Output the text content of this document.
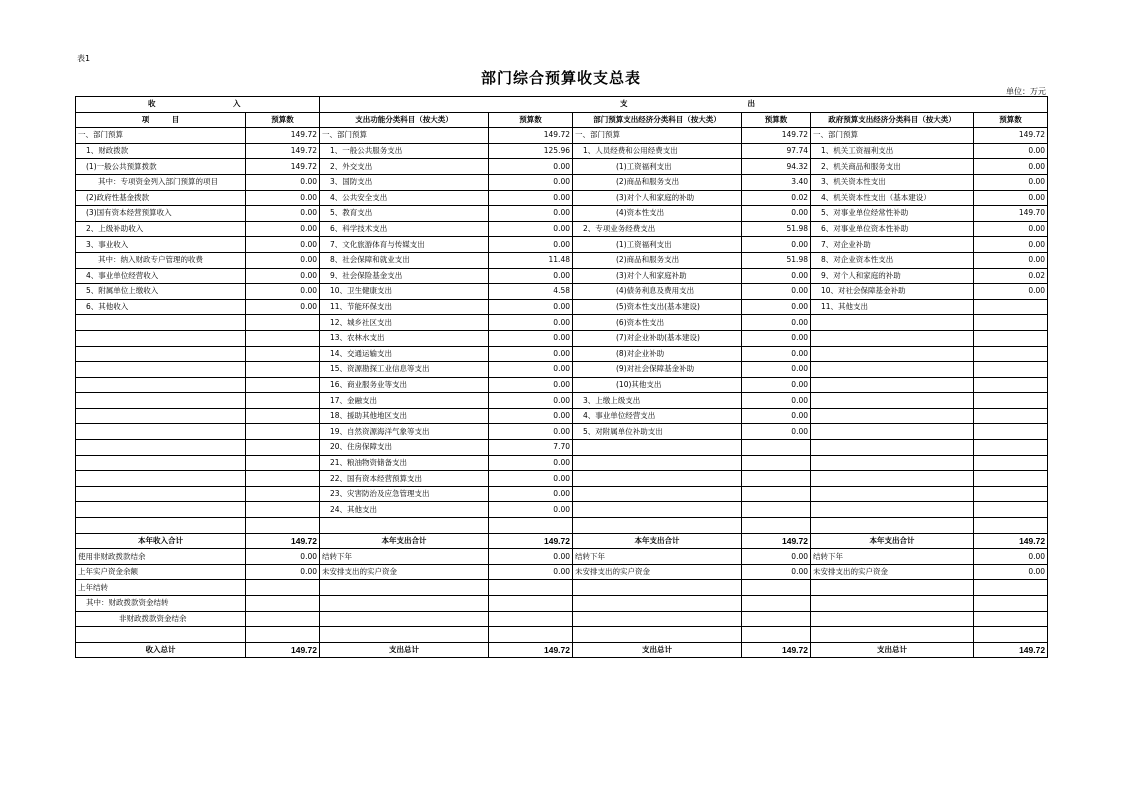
表1
部门综合预算收支总表
单位：万元
收　　　　　　　　　入		支　　　　　　　　　　　　　　出					
项　　　目	预算数	支出功能分类科目（按大类）	预算数	部门预算支出经济分类科目（按大类）	预算数	政府预算支出经济分类科目（按大类）	预算数
一、部门预算	149.72	一、部门预算	149.72	一、部门预算	149.72	一、部门预算	149.72
1、财政拨款	149.72	1、一般公共服务支出	125.96	1、人员经费和公用经费支出	97.74	1、机关工资福利支出	0.00
(1)一般公共预算拨款	149.72	2、外交支出	0.00	(1)工资福利支出	94.32	2、机关商品和服务支出	0.00
其中：专项资金列入部门预算的项目	0.00	3、国防支出	0.00	(2)商品和服务支出	3.40	3、机关资本性支出	0.00
(2)政府性基金拨款	0.00	4、公共安全支出	0.00	(3)对个人和家庭的补助	0.02	4、机关资本性支出（基本建设）	0.00
(3)国有资本经营预算收入	0.00	5、教育支出	0.00	(4)资本性支出	0.00	5、对事业单位经常性补助	149.70
2、上级补助收入	0.00	6、科学技术支出	0.00	2、专项业务经费支出	51.98	6、对事业单位资本性补助	0.00
3、事业收入	0.00	7、文化旅游体育与传媒支出	0.00	(1)工资福利支出	0.00	7、对企业补助	0.00
其中：纳入财政专户管理的收费	0.00	8、社会保障和就业支出	11.48	(2)商品和服务支出	51.98	8、对企业资本性支出	0.00
4、事业单位经营收入	0.00	9、社会保险基金支出	0.00	(3)对个人和家庭补助	0.00	9、对个人和家庭的补助	0.02
5、附属单位上缴收入	0.00	10、卫生健康支出	4.58	(4)债务利息及费用支出	0.00	10、对社会保障基金补助	0.00
6、其他收入	0.00	11、节能环保支出	0.00	(5)资本性支出(基本建设)	0.00	11、其他支出	
		12、城乡社区支出	0.00	(6)资本性支出	0.00		
		13、农林水支出	0.00	(7)对企业补助(基本建设)	0.00		
		14、交通运输支出	0.00	(8)对企业补助	0.00		
		15、资源勘探工业信息等支出	0.00	(9)对社会保障基金补助	0.00		
		16、商业服务业等支出	0.00	(10)其他支出	0.00		
		17、金融支出	0.00	3、上缴上级支出	0.00		
		18、援助其他地区支出	0.00	4、事业单位经营支出	0.00		
		19、自然资源海洋气象等支出	0.00	5、对附属单位补助支出	0.00		
		20、住房保障支出	7.70				
		21、粮油物资储备支出	0.00				
		22、国有资本经营预算支出	0.00				
		23、灾害防治及应急管理支出	0.00				
		24、其他支出	0.00				

本年收入合计	149.72	本年支出合计	149.72	本年支出合计	149.72	本年支出合计	149.72
使用非财政拨款结余	0.00	结转下年	0.00	结转下年	0.00	结转下年	0.00
上年实户资金余额	0.00	未安排支出的实户资金	0.00	未安排支出的实户资金	0.00	未安排支出的实户资金	0.00
上年结转							
其中：财政拨款资金结转							
非财政拨款资金结余							

收入总计	149.72	支出总计	149.72	支出总计	149.72	支出总计	149.72
